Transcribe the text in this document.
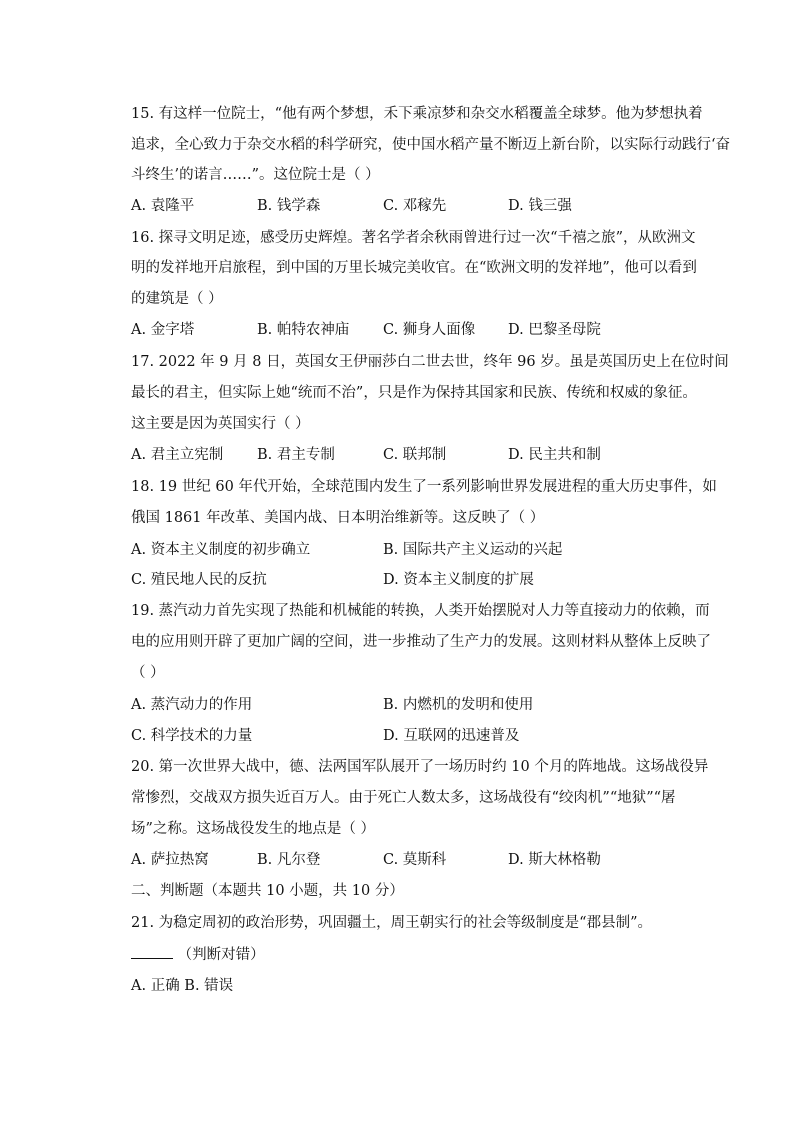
15. 有这样一位院士，“他有两个梦想，禾下乘凉梦和杂交水稻覆盖全球梦。他为梦想执着
追求，全心致力于杂交水稻的科学研究，使中国水稻产量不断迈上新台阶，以实际行动践行‘奋
斗终生’的诺言……”。这位院士是（ ）
A. 袁隆平	B. 钱学森	C. 邓稼先	D. 钱三强
16. 探寻文明足迹，感受历史辉煌。著名学者余秋雨曾进行过一次“千禧之旅”，从欧洲文
明的发祥地开启旅程，到中国的万里长城完美收官。在“欧洲文明的发祥地”，他可以看到
的建筑是（ ）
A. 金字塔	B. 帕特农神庙 C. 狮身人面像 D. 巴黎圣母院
17. 2022 年 9 月 8 日，英国女王伊丽莎白二世去世，终年 96 岁。虽是英国历史上在位时间
最长的君主，但实际上她“统而不治”，只是作为保持其国家和民族、传统和权威的象征。
这主要是因为英国实行（ ）
A. 君主立宪制 B. 君主专制	C. 联邦制	D. 民主共和制
18. 19 世纪 60 年代开始，全球范围内发生了一系列影响世界发展进程的重大历史事件，如
俄国 1861 年改革、美国内战、日本明治维新等。这反映了（ ）
A. 资本主义制度的初步确立	B. 国际共产主义运动的兴起
C. 殖民地人民的反抗	D. 资本主义制度的扩展
19. 蒸汽动力首先实现了热能和机械能的转换，人类开始摆脱对人力等直接动力的依赖，而
电的应用则开辟了更加广阔的空间，进一步推动了生产力的发展。这则材料从整体上反映了
（ ）
A. 蒸汽动力的作用	B. 内燃机的发明和使用
C. 科学技术的力量	D. 互联网的迅速普及
20. 第一次世界大战中，德、法两国军队展开了一场历时约 10 个月的阵地战。这场战役异
常惨烈，交战双方损失近百万人。由于死亡人数太多，这场战役有“绞肉机”“地狱”“屠
场”之称。这场战役发生的地点是（ ）
A. 萨拉热窝	B. 凡尔登	C. 莫斯科	D. 斯大林格勒
二、判断题（本题共 10 小题，共 10 分）
21. 为稳定周初的政治形势，巩固疆土，周王朝实行的社会等级制度是“郡县制”。
（判断对错）
A. 正确 B. 错误
